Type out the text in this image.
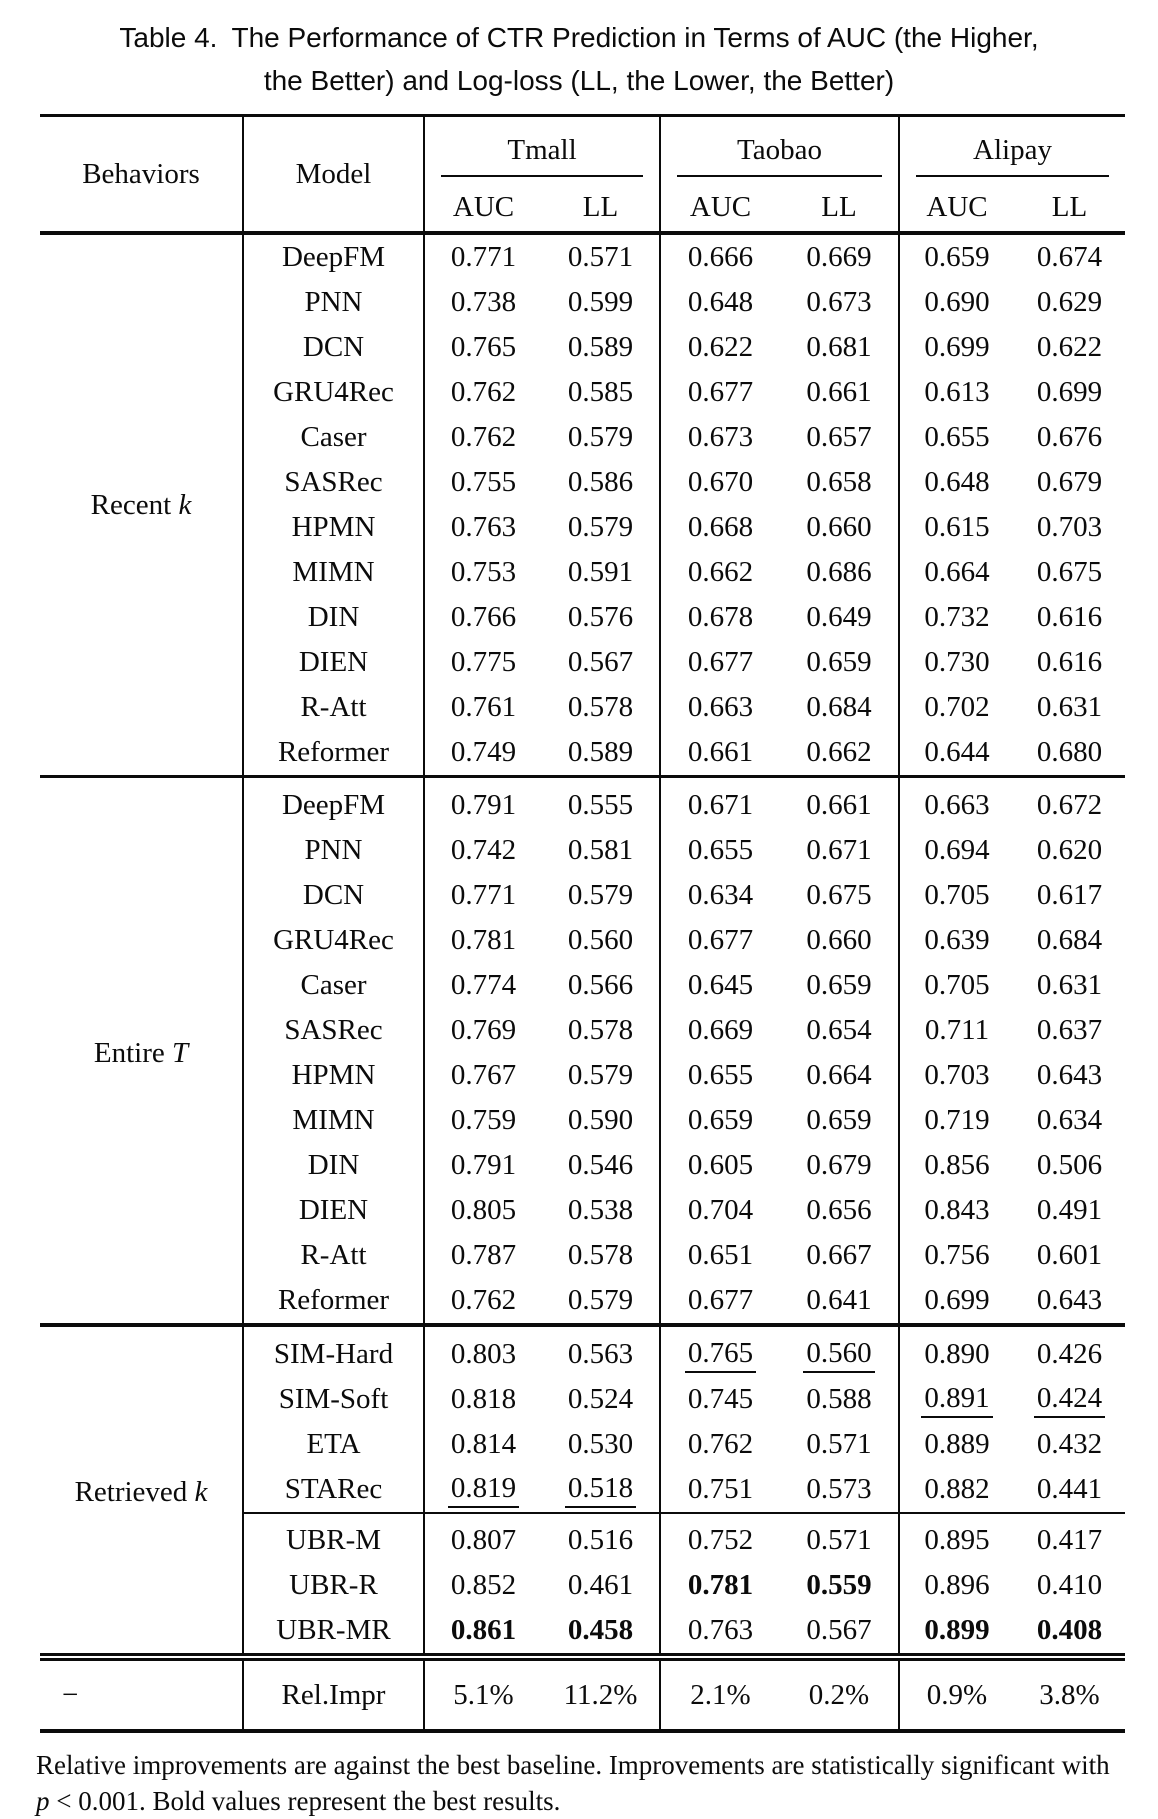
Table 4. The Performance of CTR Prediction in Terms of AUC (the Higher,
the Better) and Log-loss (LL, the Lower, the Better)
Behaviors	Model	Tmall		Taobao		Alipay	

		AUC	LL	AUC	LL	AUC	LL
Recent k	DeepFM	0.771	0.571	0.666	0.669	0.659	0.674
	PNN	0.738	0.599	0.648	0.673	0.690	0.629
	DCN	0.765	0.589	0.622	0.681	0.699	0.622
	GRU4Rec	0.762	0.585	0.677	0.661	0.613	0.699
	Caser	0.762	0.579	0.673	0.657	0.655	0.676
	SASRec	0.755	0.586	0.670	0.658	0.648	0.679
	HPMN	0.763	0.579	0.668	0.660	0.615	0.703
	MIMN	0.753	0.591	0.662	0.686	0.664	0.675
	DIN	0.766	0.576	0.678	0.649	0.732	0.616
	DIEN	0.775	0.567	0.677	0.659	0.730	0.616
	R-Att	0.761	0.578	0.663	0.684	0.702	0.631
	Reformer	0.749	0.589	0.661	0.662	0.644	0.680
Entire T	DeepFM	0.791	0.555	0.671	0.661	0.663	0.672
	PNN	0.742	0.581	0.655	0.671	0.694	0.620
	DCN	0.771	0.579	0.634	0.675	0.705	0.617
	GRU4Rec	0.781	0.560	0.677	0.660	0.639	0.684
	Caser	0.774	0.566	0.645	0.659	0.705	0.631
	SASRec	0.769	0.578	0.669	0.654	0.711	0.637
	HPMN	0.767	0.579	0.655	0.664	0.703	0.643
	MIMN	0.759	0.590	0.659	0.659	0.719	0.634
	DIN	0.791	0.546	0.605	0.679	0.856	0.506
	DIEN	0.805	0.538	0.704	0.656	0.843	0.491
	R-Att	0.787	0.578	0.651	0.667	0.756	0.601
	Reformer	0.762	0.579	0.677	0.641	0.699	0.643
Retrieved k	SIM-Hard	0.803	0.563	0.765	0.560	0.890	0.426
	SIM-Soft	0.818	0.524	0.745	0.588	0.891	0.424
	ETA	0.814	0.530	0.762	0.571	0.889	0.432
	STARec	0.819	0.518	0.751	0.573	0.882	0.441
	UBR-M	0.807	0.516	0.752	0.571	0.895	0.417
	UBR-R	0.852	0.461	0.781	0.559	0.896	0.410
	UBR-MR	0.861	0.458	0.763	0.567	0.899	0.408
−	Rel.Impr	5.1%	11.2%	2.1%	0.2%	0.9%	3.8%
Relative improvements are against the best baseline. Improvements are statistically significant with p < 0.001. Bold values represent the best results.
